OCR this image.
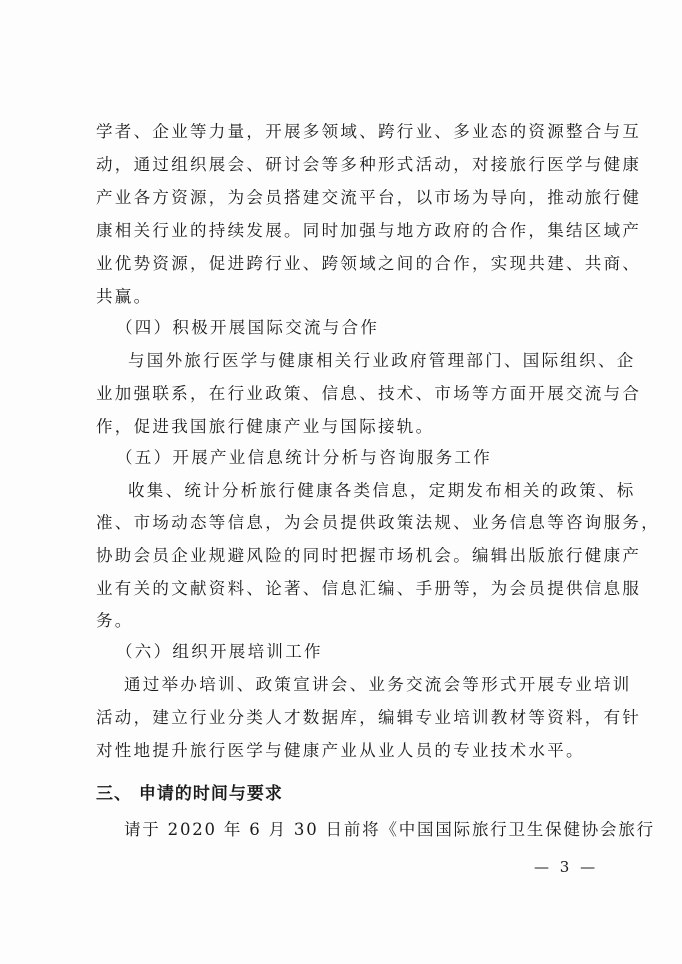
学者、企业等力量，开展多领域、跨行业、多业态的资源整合与互
动，通过组织展会、研讨会等多种形式活动，对接旅行医学与健康
产业各方资源，为会员搭建交流平台，以市场为导向，推动旅行健
康相关行业的持续发展。同时加强与地方政府的合作，集结区域产
业优势资源，促进跨行业、跨领域之间的合作，实现共建、共商、
共赢。
（四）积极开展国际交流与合作
与国外旅行医学与健康相关行业政府管理部门、国际组织、企
业加强联系，在行业政策、信息、技术、市场等方面开展交流与合
作，促进我国旅行健康产业与国际接轨。
（五）开展产业信息统计分析与咨询服务工作
收集、统计分析旅行健康各类信息，定期发布相关的政策、标
准、市场动态等信息，为会员提供政策法规、业务信息等咨询服务，
协助会员企业规避风险的同时把握市场机会。编辑出版旅行健康产
业有关的文献资料、论著、信息汇编、手册等，为会员提供信息服
务。
（六）组织开展培训工作
通过举办培训、政策宣讲会、业务交流会等形式开展专业培训
活动，建立行业分类人才数据库，编辑专业培训教材等资料，有针
对性地提升旅行医学与健康产业从业人员的专业技术水平。
三、 申请的时间与要求
请于 2020 年 6 月 30 日前将《中国国际旅行卫生保健协会旅行
— 3 —
